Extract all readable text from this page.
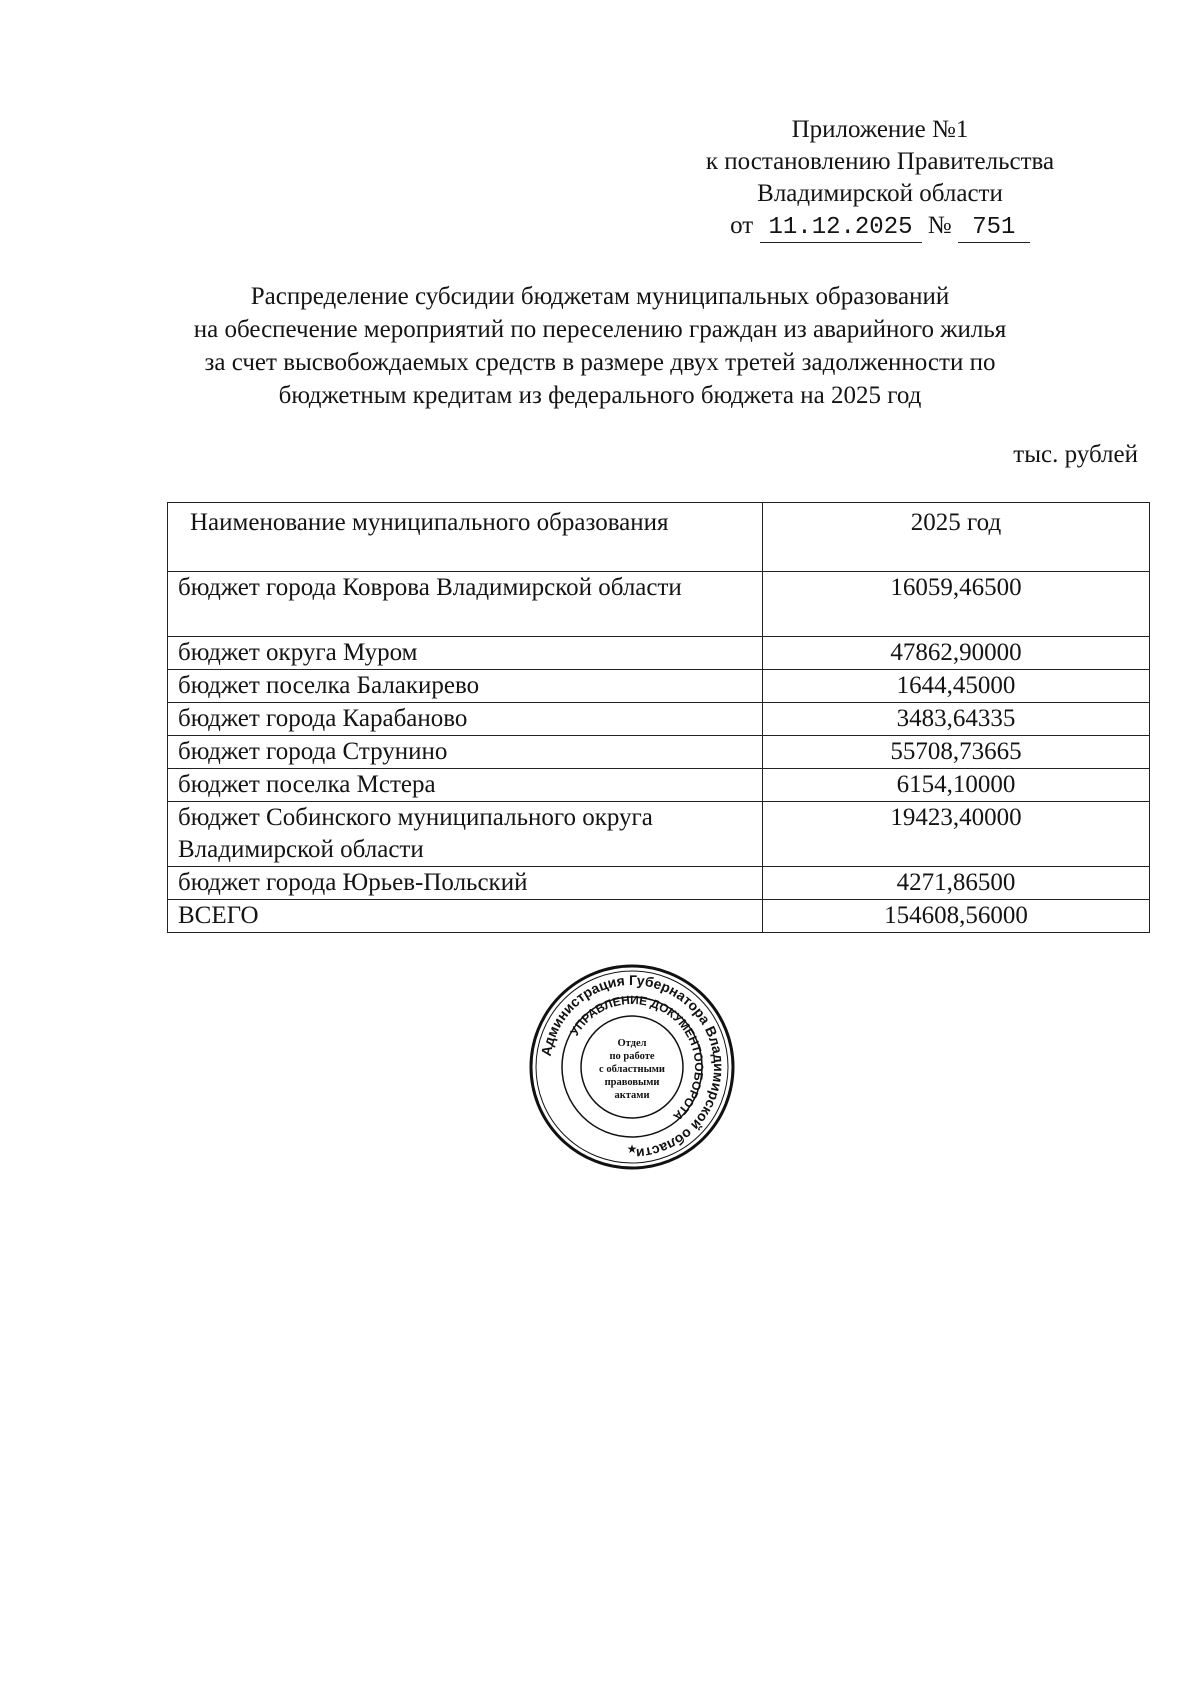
Приложение №1
к постановлению Правительства
Владимирской области
от 11.12.2025 № 751
Распределение субсидии бюджетам муниципальных образований
на обеспечение мероприятий по переселению граждан из аварийного жилья
за счет высвобождаемых средств в размере двух третей задолженности по
бюджетным кредитам из федерального бюджета на 2025 год
тыс. рублей
Наименование муниципального образования	2025 год
бюджет города Коврова Владимирской области	16059,46500
бюджет округа Муром	47862,90000
бюджет поселка Балакирево	1644,45000
бюджет города Карабаново	3483,64335
бюджет города Струнино	55708,73665
бюджет поселка Мстера	6154,10000
бюджет Собинского муниципального округа Владимирской области	19423,40000
бюджет города Юрьев-Польский	4271,86500
ВСЕГО	154608,56000
Администрация Губернатора Владимирской области
УПРАВЛЕНИЕ ДОКУМЕНТООБОРОТА
Отдел
по работе
с областными
правовыми
актами
★
